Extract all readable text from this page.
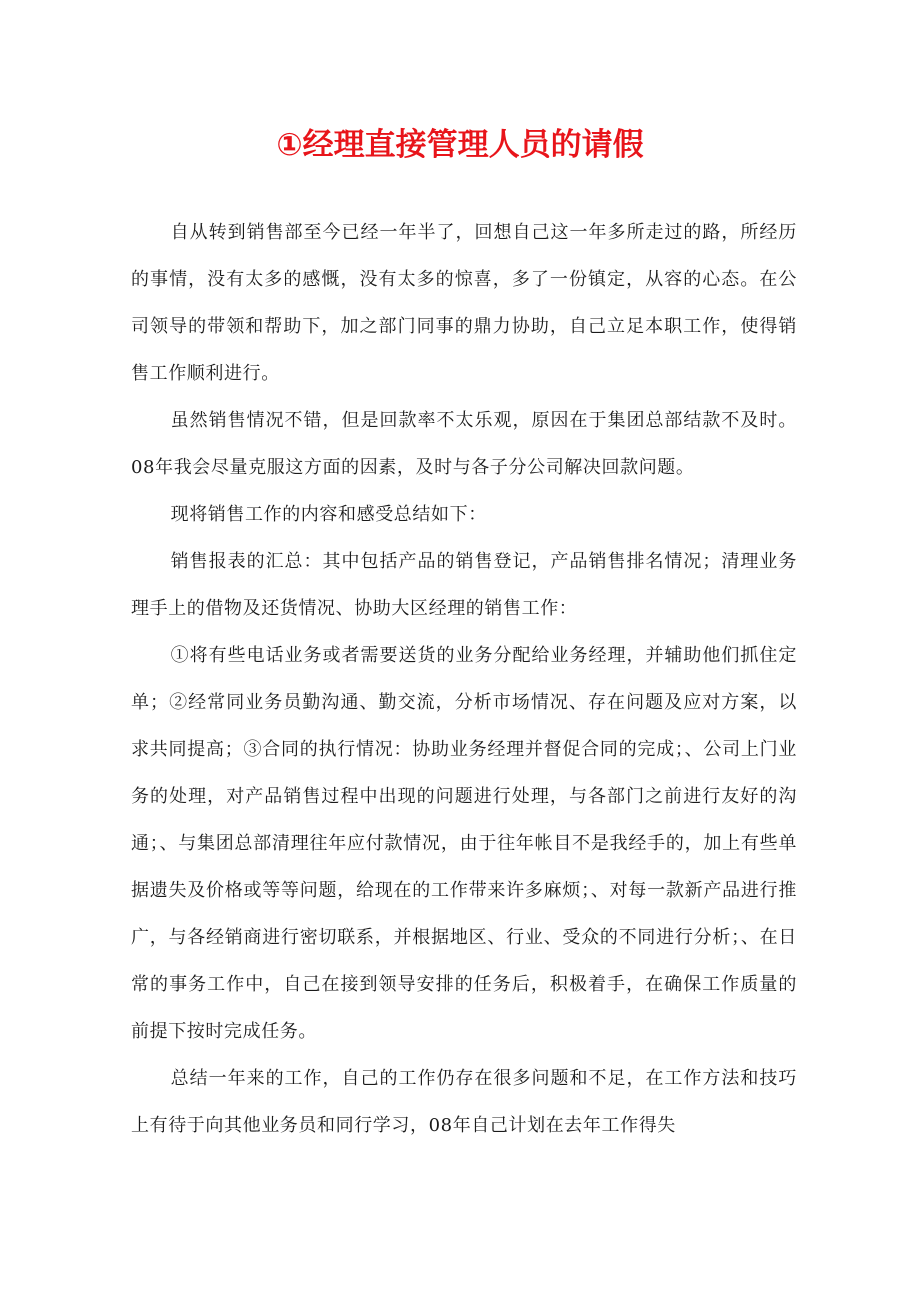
①经理直接管理人员的请假

自从转到销售部至今已经一年半了，回想自己这一年多所走过的路，所经历的事情，没有太多的感慨，没有太多的惊喜，多了一份镇定，从容的心态。在公司领导的带领和帮助下，加之部门同事的鼎力协助，自己立足本职工作，使得销售工作顺利进行。

虽然销售情况不错，但是回款率不太乐观，原因在于集团总部结款不及时。08年我会尽量克服这方面的因素，及时与各子分公司解决回款问题。

现将销售工作的内容和感受总结如下：

销售报表的汇总：其中包括产品的销售登记，产品销售排名情况；清理业务理手上的借物及还货情况、协助大区经理的销售工作：

①将有些电话业务或者需要送货的业务分配给业务经理，并辅助他们抓住定单；②经常同业务员勤沟通、勤交流，分析市场情况、存在问题及应对方案，以求共同提高；③合同的执行情况：协助业务经理并督促合同的完成；、公司上门业务的处理，对产品销售过程中出现的问题进行处理，与各部门之前进行友好的沟通；、与集团总部清理往年应付款情况，由于往年帐目不是我经手的，加上有些单据遗失及价格或等等问题，给现在的工作带来许多麻烦；、对每一款新产品进行推广，与各经销商进行密切联系，并根据地区、行业、受众的不同进行分析；、在日常的事务工作中，自己在接到领导安排的任务后，积极着手，在确保工作质量的前提下按时完成任务。

总结一年来的工作，自己的工作仍存在很多问题和不足，在工作方法和技巧上有待于向其他业务员和同行学习，08年自己计划在去年工作得失
